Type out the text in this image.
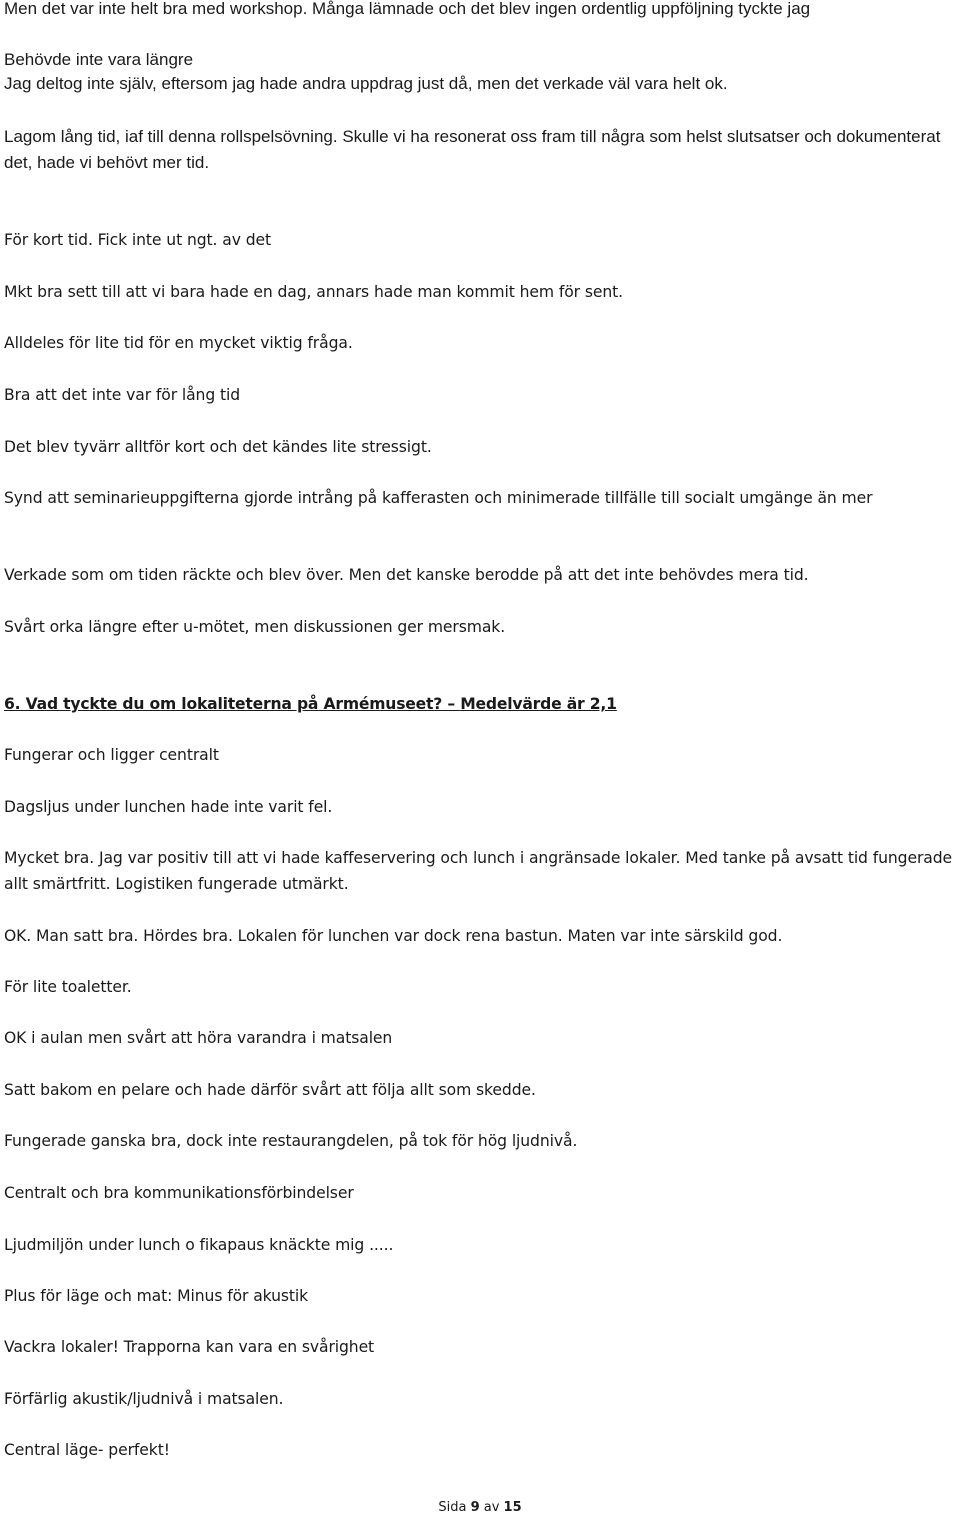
Men det var inte helt bra med workshop. Många lämnade och det blev ingen ordentlig uppföljning tyckte jag
Behövde inte vara längre
Jag deltog inte själv, eftersom jag hade andra uppdrag just då, men det verkade väl vara helt ok.
Lagom lång tid, iaf till denna rollspelsövning. Skulle vi ha resonerat oss fram till några som helst slutsatser och dokumenterat det, hade vi behövt mer tid.
För kort tid. Fick inte ut ngt. av det
Mkt bra sett till att vi bara hade en dag, annars hade man kommit hem för sent.
Alldeles för lite tid för en mycket viktig fråga.
Bra att det inte var för lång tid
Det blev tyvärr alltför kort och det kändes lite stressigt.
Synd att seminarieuppgifterna gjorde intrång på kafferasten och minimerade tillfälle till socialt umgänge än mer
Verkade som om tiden räckte och blev över. Men det kanske berodde på att det inte behövdes mera tid.
Svårt orka längre efter u-mötet, men diskussionen ger mersmak.
6. Vad tyckte du om lokaliteterna på Armémuseet? – Medelvärde är 2,1
Fungerar och ligger centralt
Dagsljus under lunchen hade inte varit fel.
Mycket bra. Jag var positiv till att vi hade kaffeservering och lunch i angränsade lokaler. Med tanke på avsatt tid fungerade allt smärtfritt. Logistiken fungerade utmärkt.
OK. Man satt bra. Hördes bra. Lokalen för lunchen var dock rena bastun. Maten var inte särskild god.
För lite toaletter.
OK i aulan men svårt att höra varandra i matsalen
Satt bakom en pelare och hade därför svårt att följa allt som skedde.
Fungerade ganska bra, dock inte restaurangdelen, på tok för hög ljudnivå.
Centralt och bra kommunikationsförbindelser
Ljudmiljön under lunch o fikapaus knäckte mig .....
Plus för läge och mat: Minus för akustik
Vackra lokaler! Trapporna kan vara en svårighet
Förfärlig akustik/ljudnivå i matsalen.
Central läge- perfekt!
Sida 9 av 15
